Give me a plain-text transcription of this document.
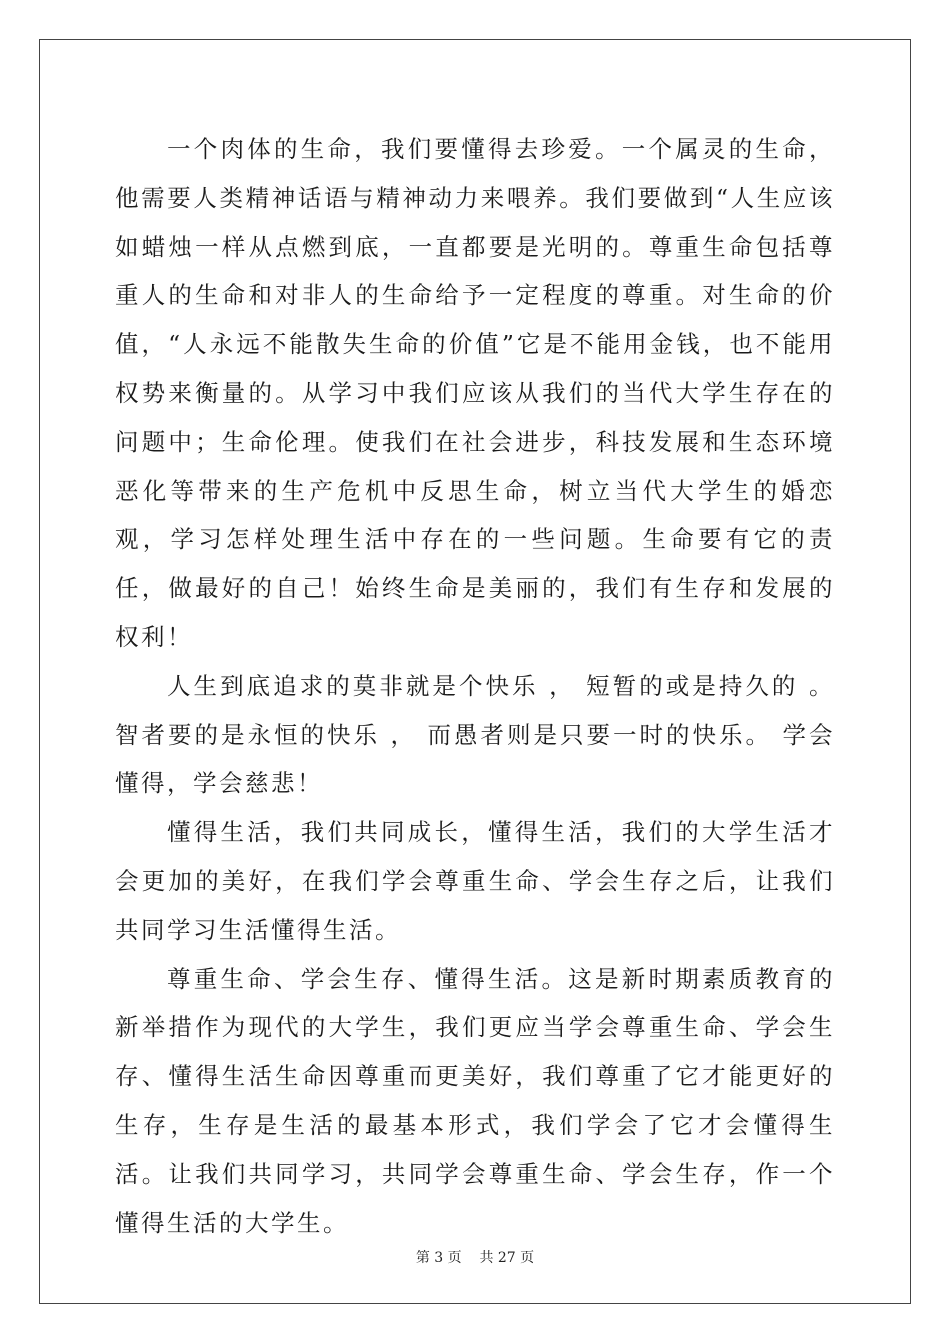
一个肉体的生命，我们要懂得去珍爱。一个属灵的生命，他需要人类精神话语与精神动力来喂养。我们要做到“人生应该如蜡烛一样从点燃到底，一直都要是光明的。尊重生命包括尊重人的生命和对非人的生命给予一定程度的尊重。对生命的价值，“人永远不能散失生命的价值”它是不能用金钱，也不能用权势来衡量的。从学习中我们应该从我们的当代大学生存在的问题中；生命伦理。使我们在社会进步，科技发展和生态环境恶化等带来的生产危机中反思生命，树立当代大学生的婚恋观，学习怎样处理生活中存在的一些问题。生命要有它的责任，做最好的自己！始终生命是美丽的，我们有生存和发展的权利！

人生到底追求的莫非就是个快乐 ， 短暂的或是持久的 。 智者要的是永恒的快乐 ， 而愚者则是只要一时的快乐。 学会懂得，学会慈悲！

懂得生活，我们共同成长，懂得生活，我们的大学生活才会更加的美好，在我们学会尊重生命、学会生存之后，让我们共同学习生活懂得生活。

尊重生命、学会生存、懂得生活。这是新时期素质教育的新举措作为现代的大学生，我们更应当学会尊重生命、学会生存、懂得生活生命因尊重而更美好，我们尊重了它才能更好的生存，生存是生活的最基本形式，我们学会了它才会懂得生活。让我们共同学习，共同学会尊重生命、学会生存，作一个懂得生活的大学生。

第 3 页 共 27 页
